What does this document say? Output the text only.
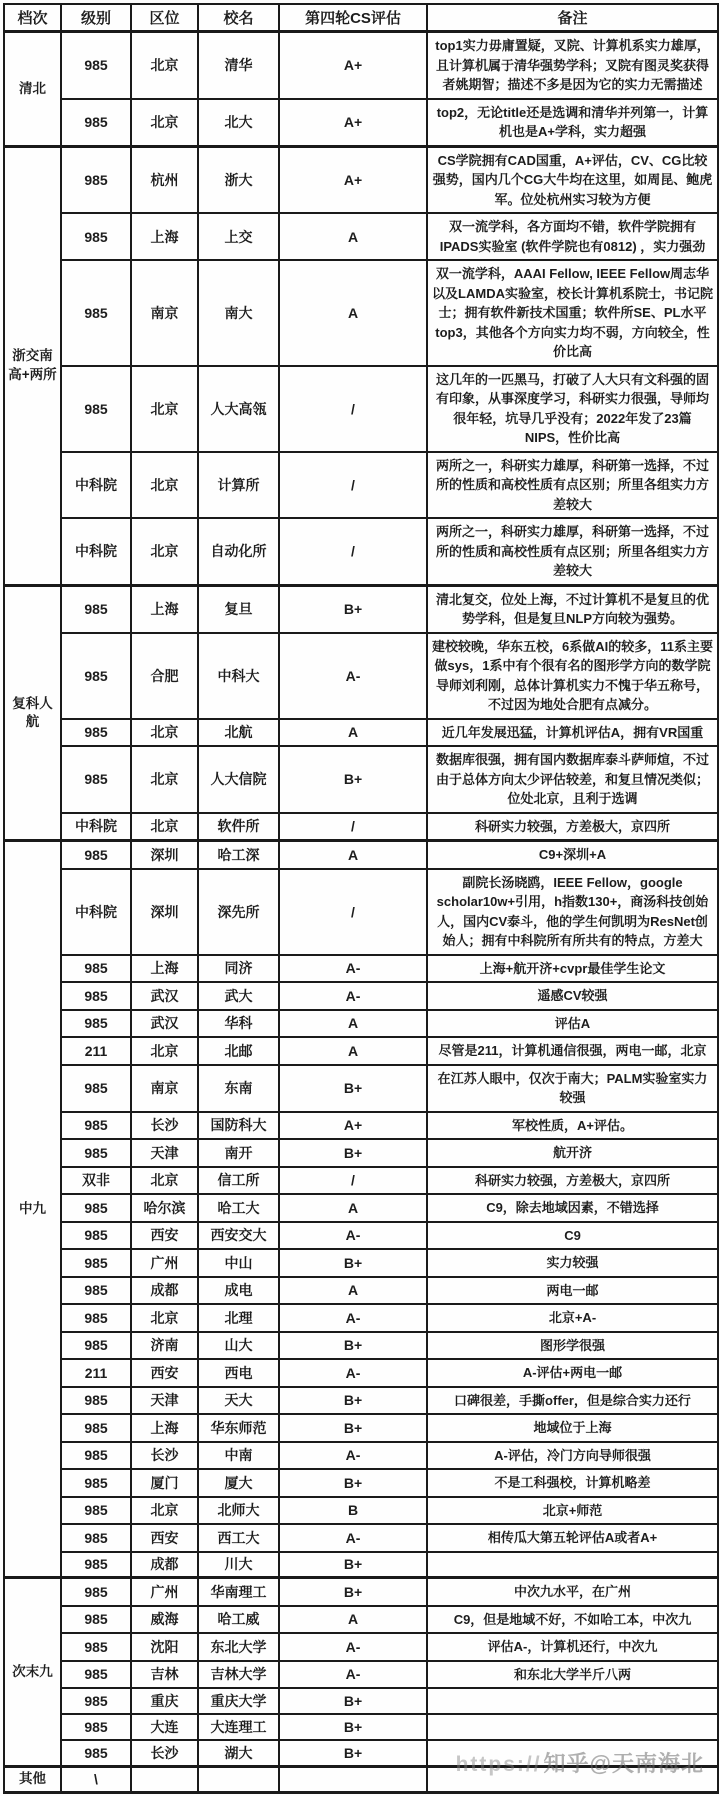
档次	级别	区位	校名	第四轮CS评估	备注
清北	985	北京	清华	A+	top1实力毋庸置疑，叉院、计算机系实力雄厚，且计算机属于清华强势学科；叉院有图灵奖获得者姚期智；描述不多是因为它的实力无需描述
	985	北京	北大	A+	top2，无论title还是选调和清华并列第一，计算机也是A+学科，实力超强
浙交南高+两所	985	杭州	浙大	A+	CS学院拥有CAD国重，A+评估，CV、CG比较强势，国内几个CG大牛均在这里，如周昆、鲍虎军。位处杭州实习较为方便
	985	上海	上交	A	双一流学科，各方面均不错，软件学院拥有IPADS实验室 (软件学院也有0812) ，实力强劲
	985	南京	南大	A	双一流学科，AAAI Fellow, IEEE Fellow周志华以及LAMDA实验室，校长计算机系院士，书记院士；拥有软件新技术国重；软件所SE、PL水平top3，其他各个方向实力均不弱，方向较全，性价比高
	985	北京	人大高瓴	/	这几年的一匹黑马，打破了人大只有文科强的固有印象，从事深度学习，科研实力很强，导师均很年轻，坑导几乎没有；2022年发了23篇NIPS，性价比高
	中科院	北京	计算所	/	两所之一，科研实力雄厚，科研第一选择，不过所的性质和高校性质有点区别；所里各组实力方差较大
	中科院	北京	自动化所	/	两所之一，科研实力雄厚，科研第一选择，不过所的性质和高校性质有点区别；所里各组实力方差较大
复科人航	985	上海	复旦	B+	清北复交，位处上海，不过计算机不是复旦的优势学科，但是复旦NLP方向较为强势。
	985	合肥	中科大	A-	建校较晚，华东五校，6系做AI的较多，11系主要做sys，1系中有个很有名的图形学方向的数学院导师刘利刚，总体计算机实力不愧于华五称号，不过因为地处合肥有点减分。
	985	北京	北航	A	近几年发展迅猛，计算机评估A，拥有VR国重
	985	北京	人大信院	B+	数据库很强，拥有国内数据库泰斗萨师煊，不过由于总体方向太少评估较差，和复旦情况类似；位处北京，且利于选调
	中科院	北京	软件所	/	科研实力较强，方差极大，京四所
中九	985	深圳	哈工深	A	C9+深圳+A
	中科院	深圳	深先所	/	副院长汤晓鸥，IEEE Fellow，google scholar10w+引用，h指数130+，商汤科技创始人，国内CV泰斗，他的学生何凯明为ResNet创始人；拥有中科院所有所共有的特点，方差大
	985	上海	同济	A-	上海+航开济+cvpr最佳学生论文
	985	武汉	武大	A-	遥感CV较强
	985	武汉	华科	A	评估A
	211	北京	北邮	A	尽管是211，计算机通信很强，两电一邮，北京
	985	南京	东南	B+	在江苏人眼中，仅次于南大；PALM实验室实力较强
	985	长沙	国防科大	A+	军校性质，A+评估。
	985	天津	南开	B+	航开济
	双非	北京	信工所	/	科研实力较强，方差极大，京四所
	985	哈尔滨	哈工大	A	C9，除去地域因素，不错选择
	985	西安	西安交大	A-	C9
	985	广州	中山	B+	实力较强
	985	成都	成电	A	两电一邮
	985	北京	北理	A-	北京+A-
	985	济南	山大	B+	图形学很强
	211	西安	西电	A-	A-评估+两电一邮
	985	天津	天大	B+	口碑很差，手撕offer，但是综合实力还行
	985	上海	华东师范	B+	地域位于上海
	985	长沙	中南	A-	A-评估，冷门方向导师很强
	985	厦门	厦大	B+	不是工科强校，计算机略差
	985	北京	北师大	B	北京+师范
	985	西安	西工大	A-	相传瓜大第五轮评估A或者A+
	985	成都	川大	B+	
次末九	985	广州	华南理工	B+	中次九水平，在广州
	985	威海	哈工威	A	C9，但是地域不好，不如哈工本，中次九
	985	沈阳	东北大学	A-	评估A-，计算机还行，中次九
	985	吉林	吉林大学	A-	和东北大学半斤八两
	985	重庆	重庆大学	B+	
	985	大连	大连理工	B+	
	985	长沙	湖大	B+	
其他	\				
https://知乎@天南海北
